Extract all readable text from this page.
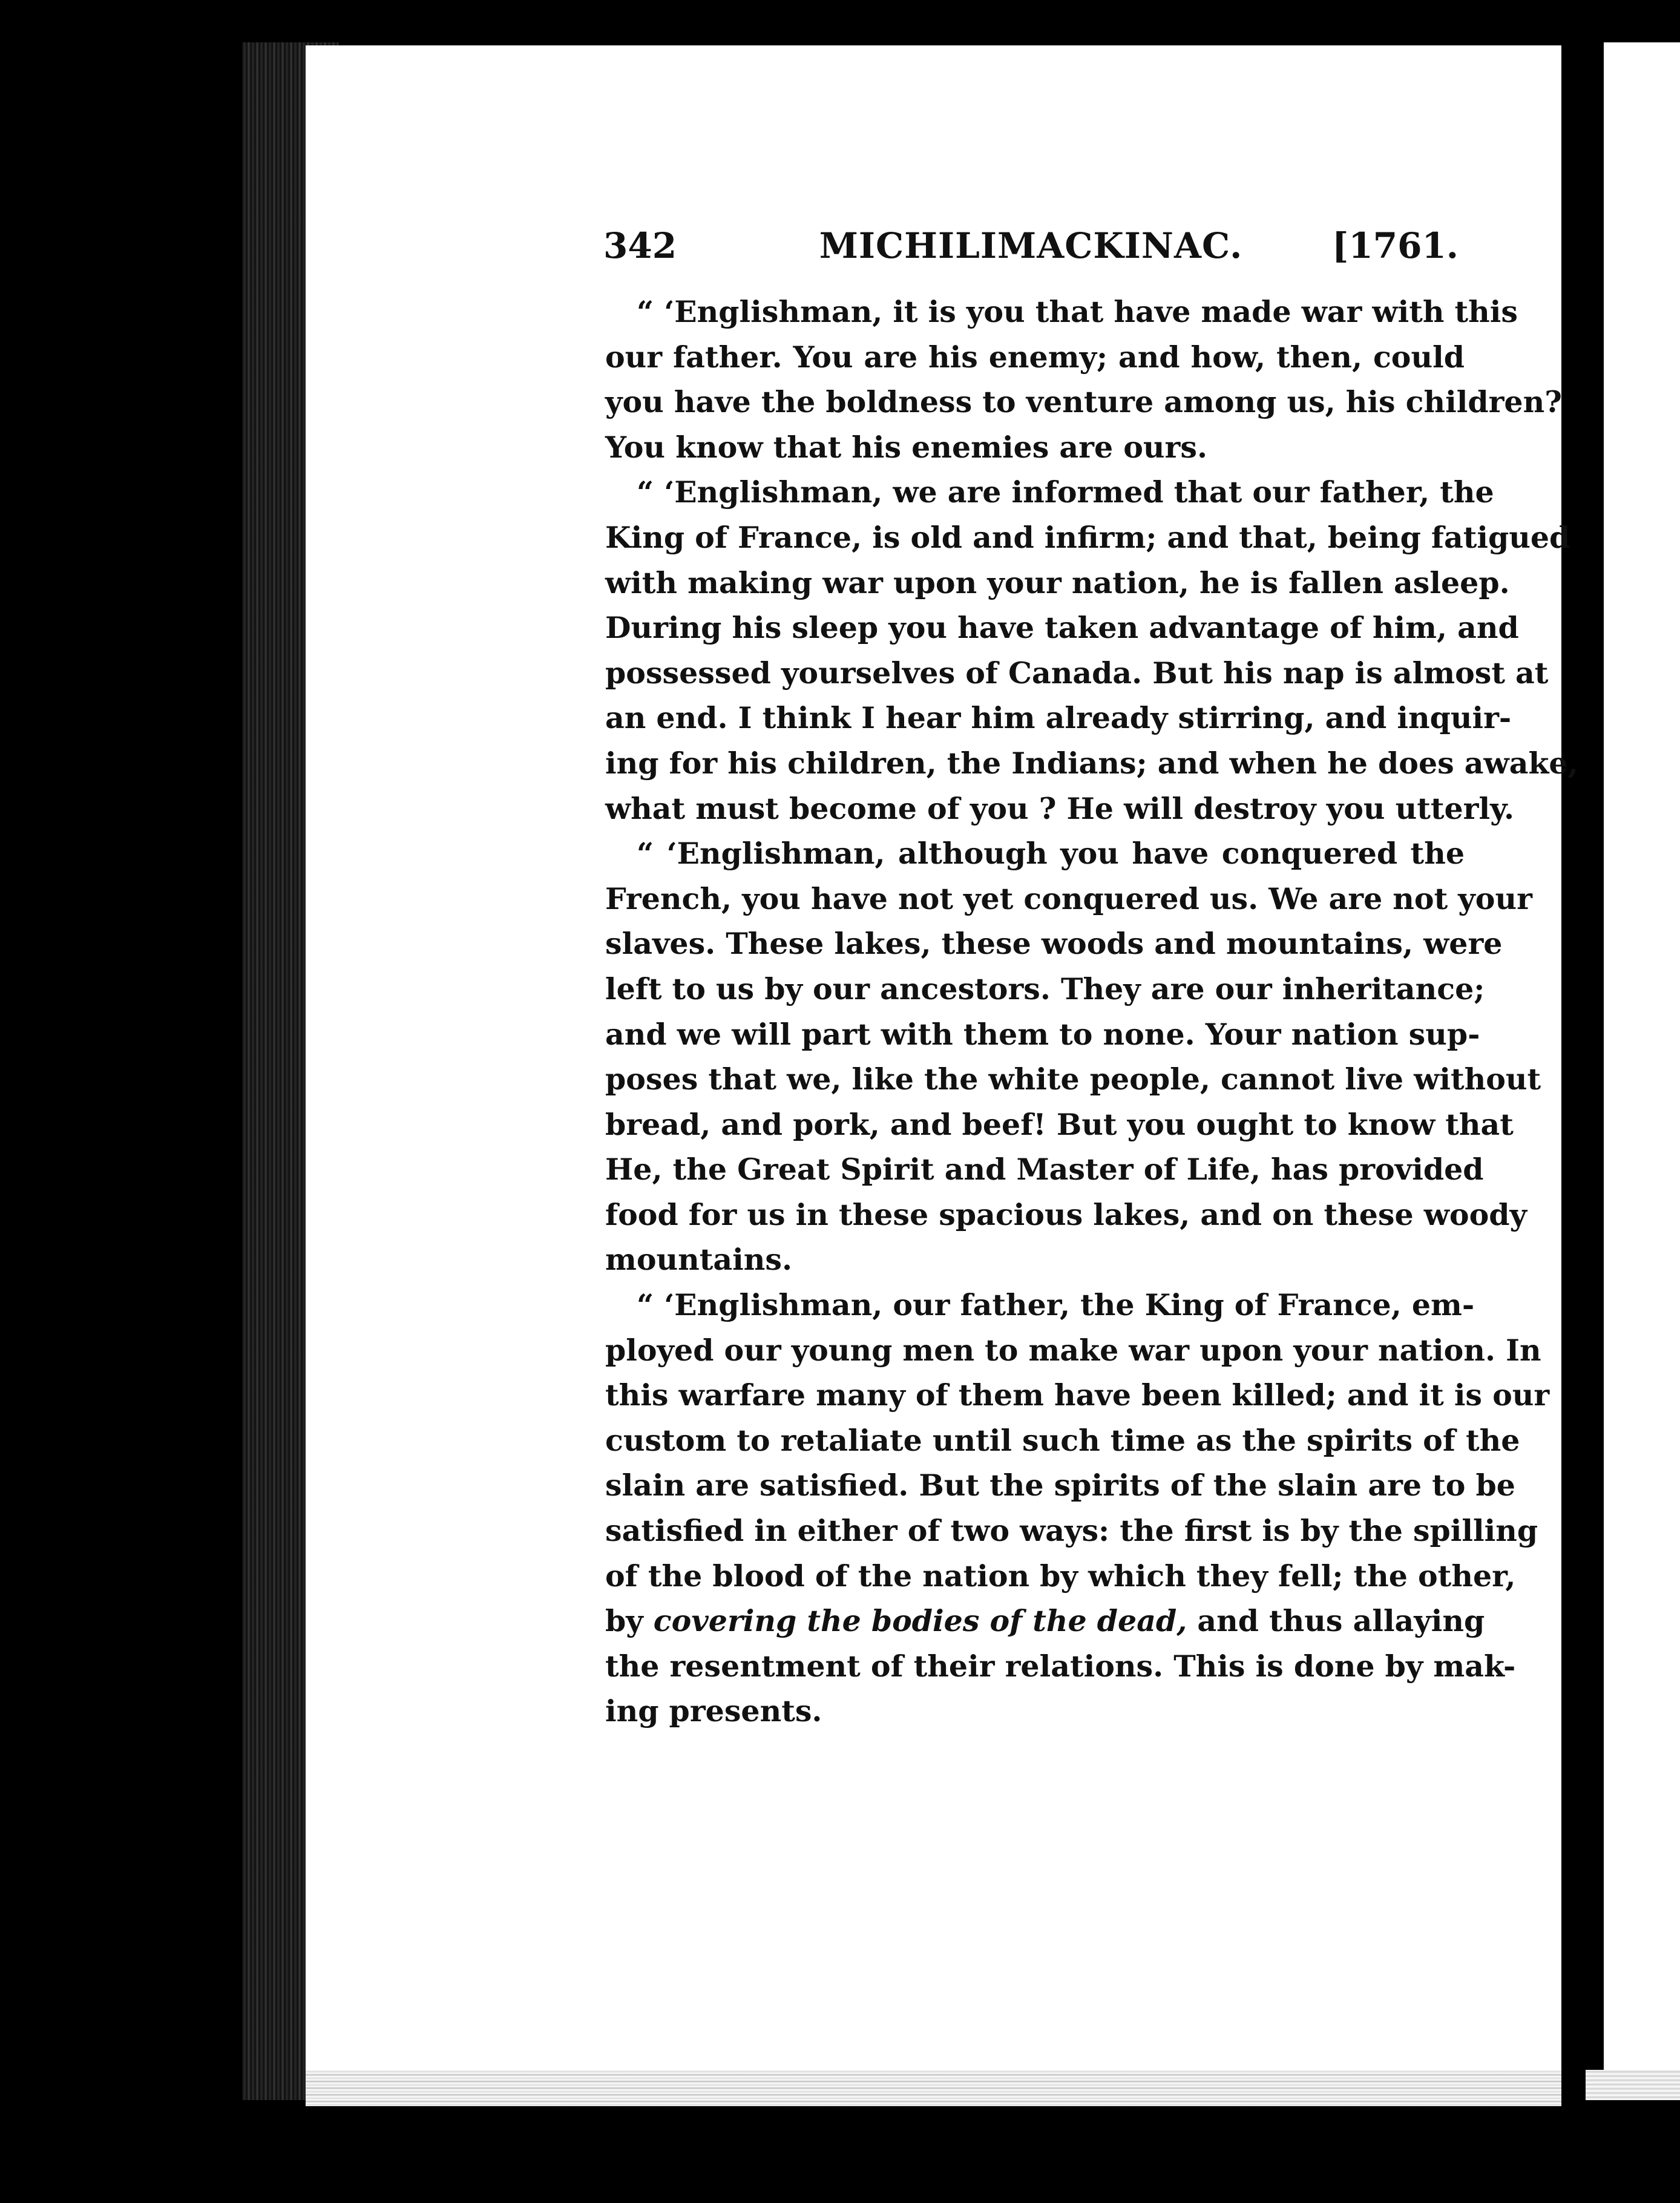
342	MICHILIMACKINAC.	[1761.
“ ‘Englishman, it is you that have made war with this
our father. You are his enemy; and how, then, could
you have the boldness to venture among us, his children?
You know that his enemies are ours.
“ ‘Englishman, we are informed that our father, the
King of France, is old and infirm; and that, being fatigued
with making war upon your nation, he is fallen asleep.
During his sleep you have taken advantage of him, and
possessed yourselves of Canada. But his nap is almost at
an end. I think I hear him already stirring, and inquir-
ing for his children, the Indians; and when he does awake,
what must become of you ? He will destroy you utterly.
“ ‘Englishman, although you have conquered the
French, you have not yet conquered us. We are not your
slaves. These lakes, these woods and mountains, were
left to us by our ancestors. They are our inheritance;
and we will part with them to none. Your nation sup-
poses that we, like the white people, cannot live without
bread, and pork, and beef! But you ought to know that
He, the Great Spirit and Master of Life, has provided
food for us in these spacious lakes, and on these woody
mountains.
“ ‘Englishman, our father, the King of France, em-
ployed our young men to make war upon your nation. In
this warfare many of them have been killed; and it is our
custom to retaliate until such time as the spirits of the
slain are satisfied. But the spirits of the slain are to be
satisfied in either of two ways: the first is by the spilling
of the blood of the nation by which they fell; the other,
by covering the bodies of the dead, and thus allaying
the resentment of their relations. This is done by mak-
ing presents.
